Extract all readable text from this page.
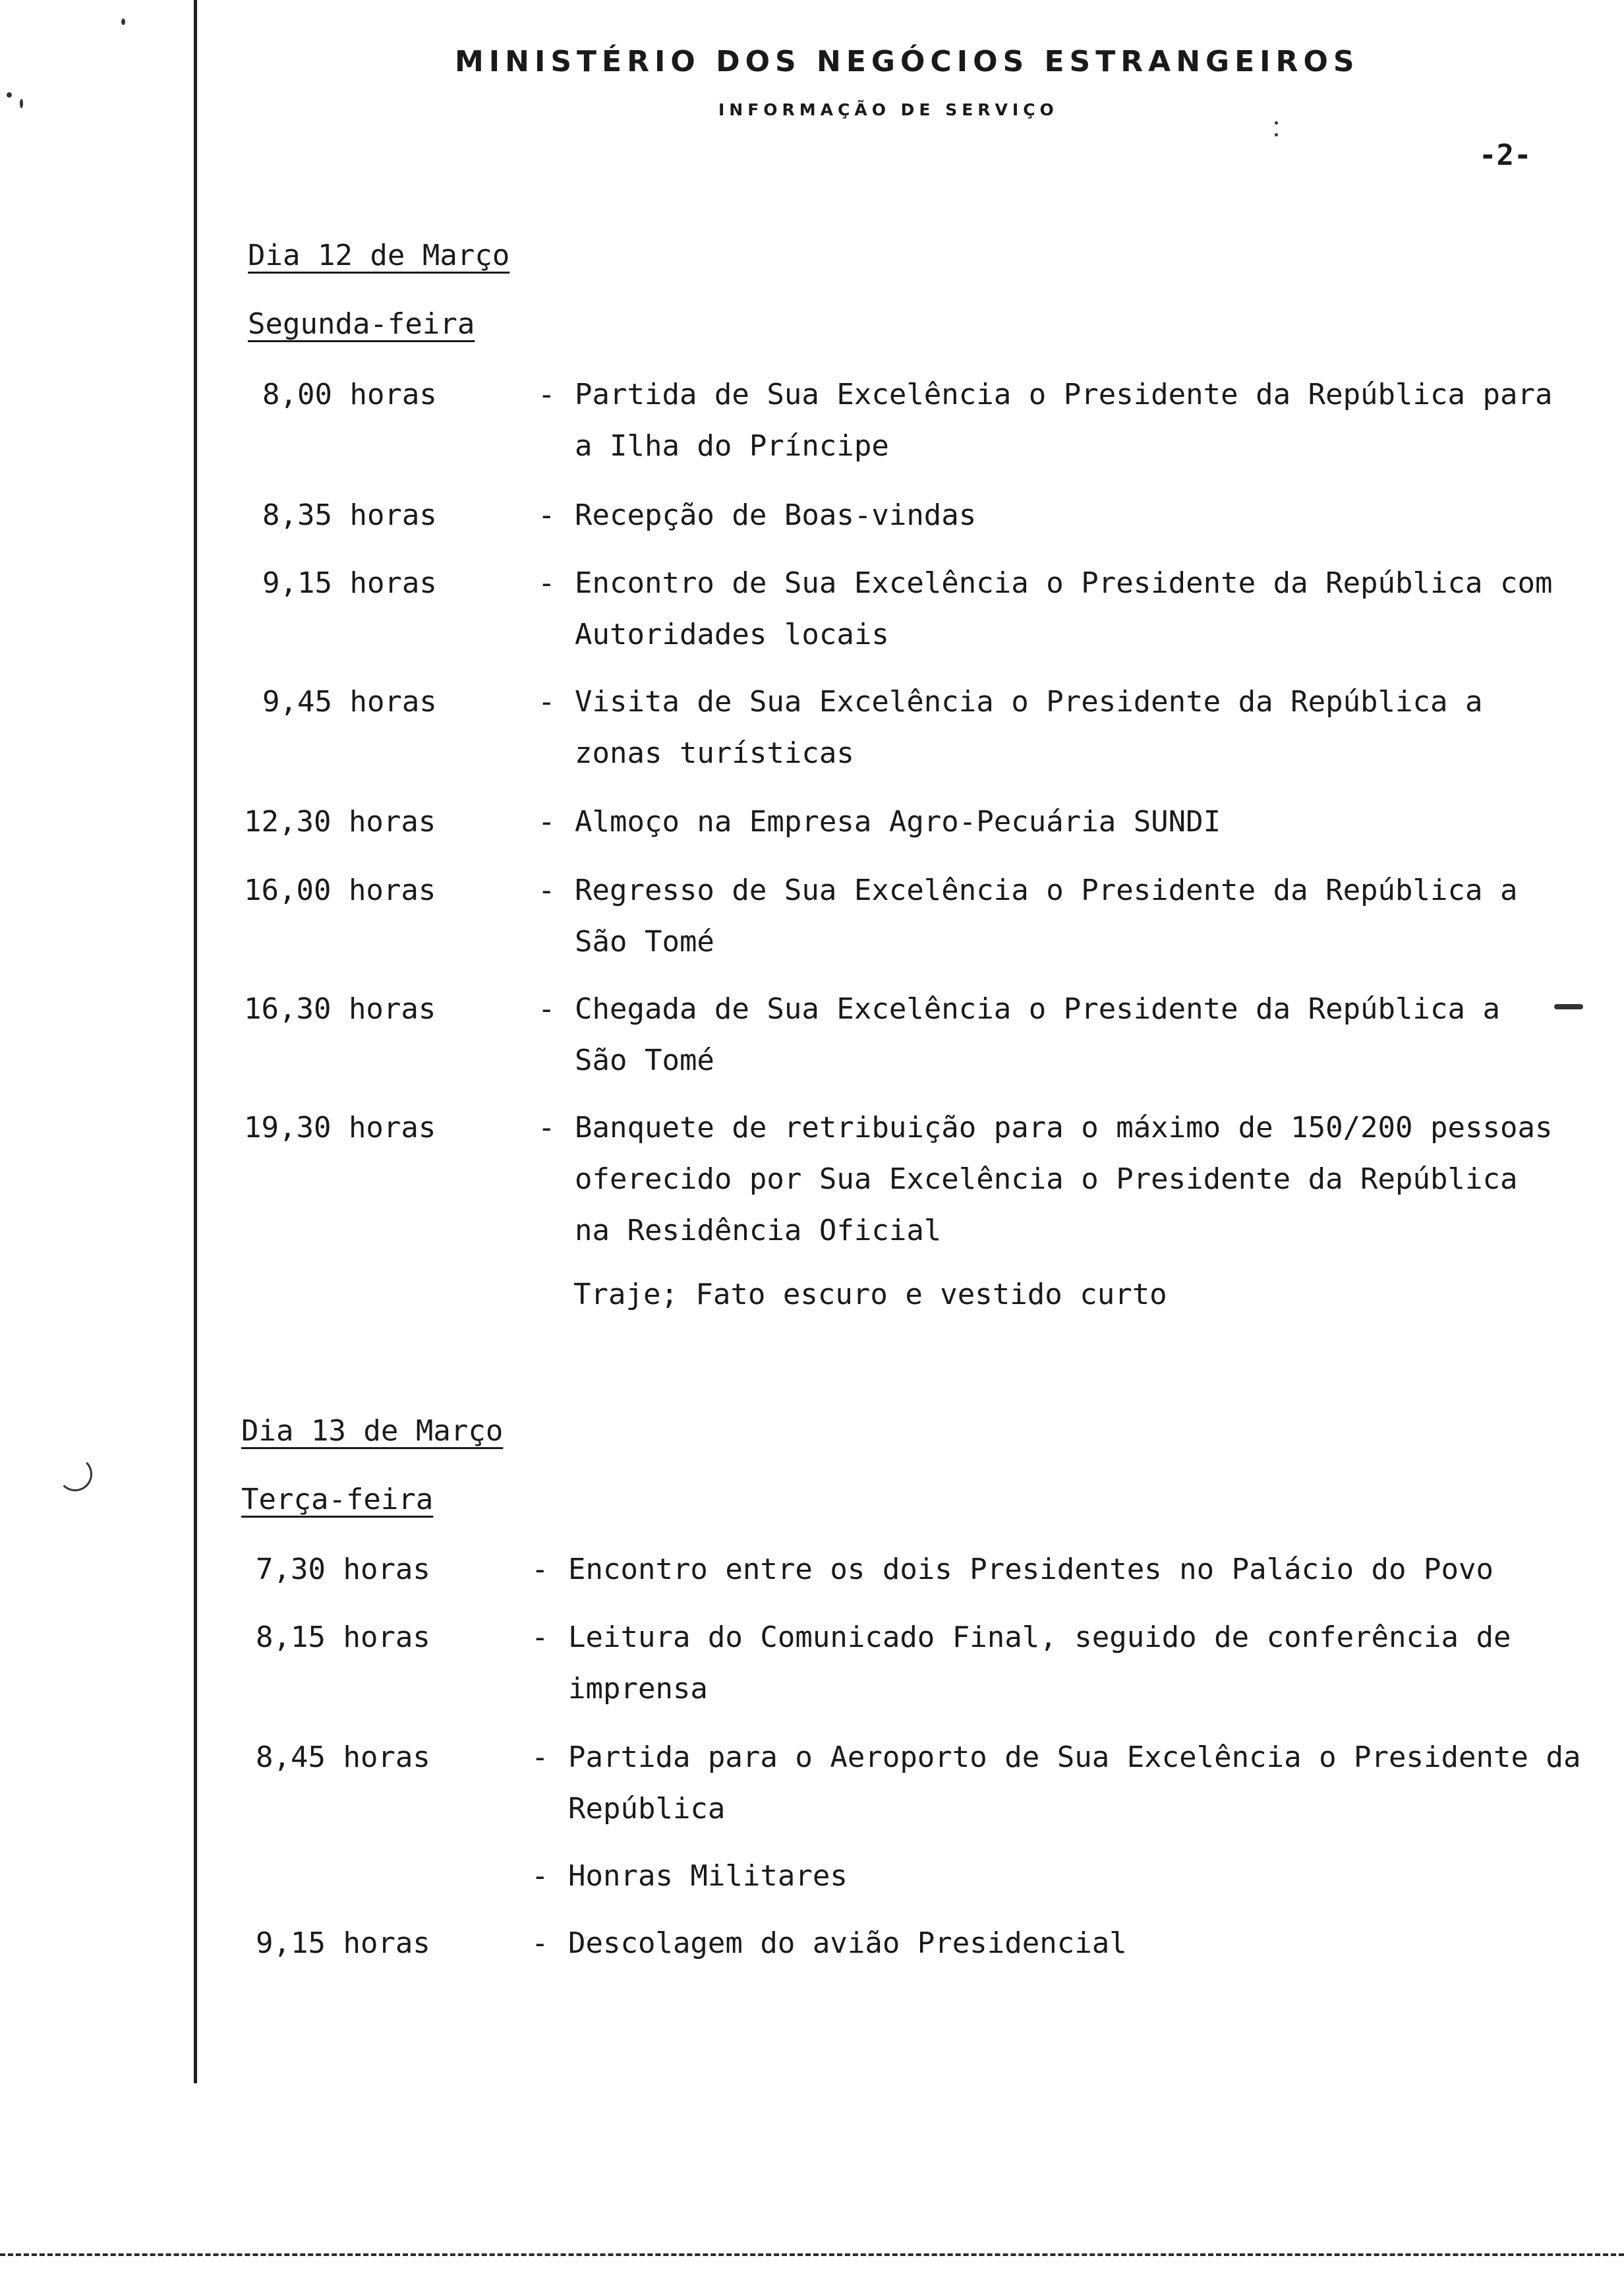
MINISTÉRIO DOS NEGÓCIOS ESTRANGEIROS
INFORMAÇÃO DE SERVIÇO
-2-
Dia 12 de Março
Segunda-feira
8,00 horas	- Partida de Sua Excelência o Presidente da República para
a Ilha do Príncipe
8,35 horas	- Recepção de Boas-vindas
9,15 horas	- Encontro de Sua Excelência o Presidente da República com
Autoridades locais
9,45 horas	- Visita de Sua Excelência o Presidente da República a
zonas turísticas
12,30 horas	- Almoço na Empresa Agro-Pecuária SUNDI
16,00 horas	- Regresso de Sua Excelência o Presidente da República a
São Tomé
16,30 horas	- Chegada de Sua Excelência o Presidente da República a
São Tomé
19,30 horas	- Banquete de retribuição para o máximo de 150/200 pessoas
oferecido por Sua Excelência o Presidente da República
na Residência Oficial
Traje; Fato escuro e vestido curto
Dia 13 de Março
Terça-feira
7,30 horas	- Encontro entre os dois Presidentes no Palácio do Povo
8,15 horas	- Leitura do Comunicado Final, seguido de conferência de
imprensa
8,45 horas	- Partida para o Aeroporto de Sua Excelência o Presidente da
República
- Honras Militares
9,15 horas	- Descolagem do avião Presidencial
